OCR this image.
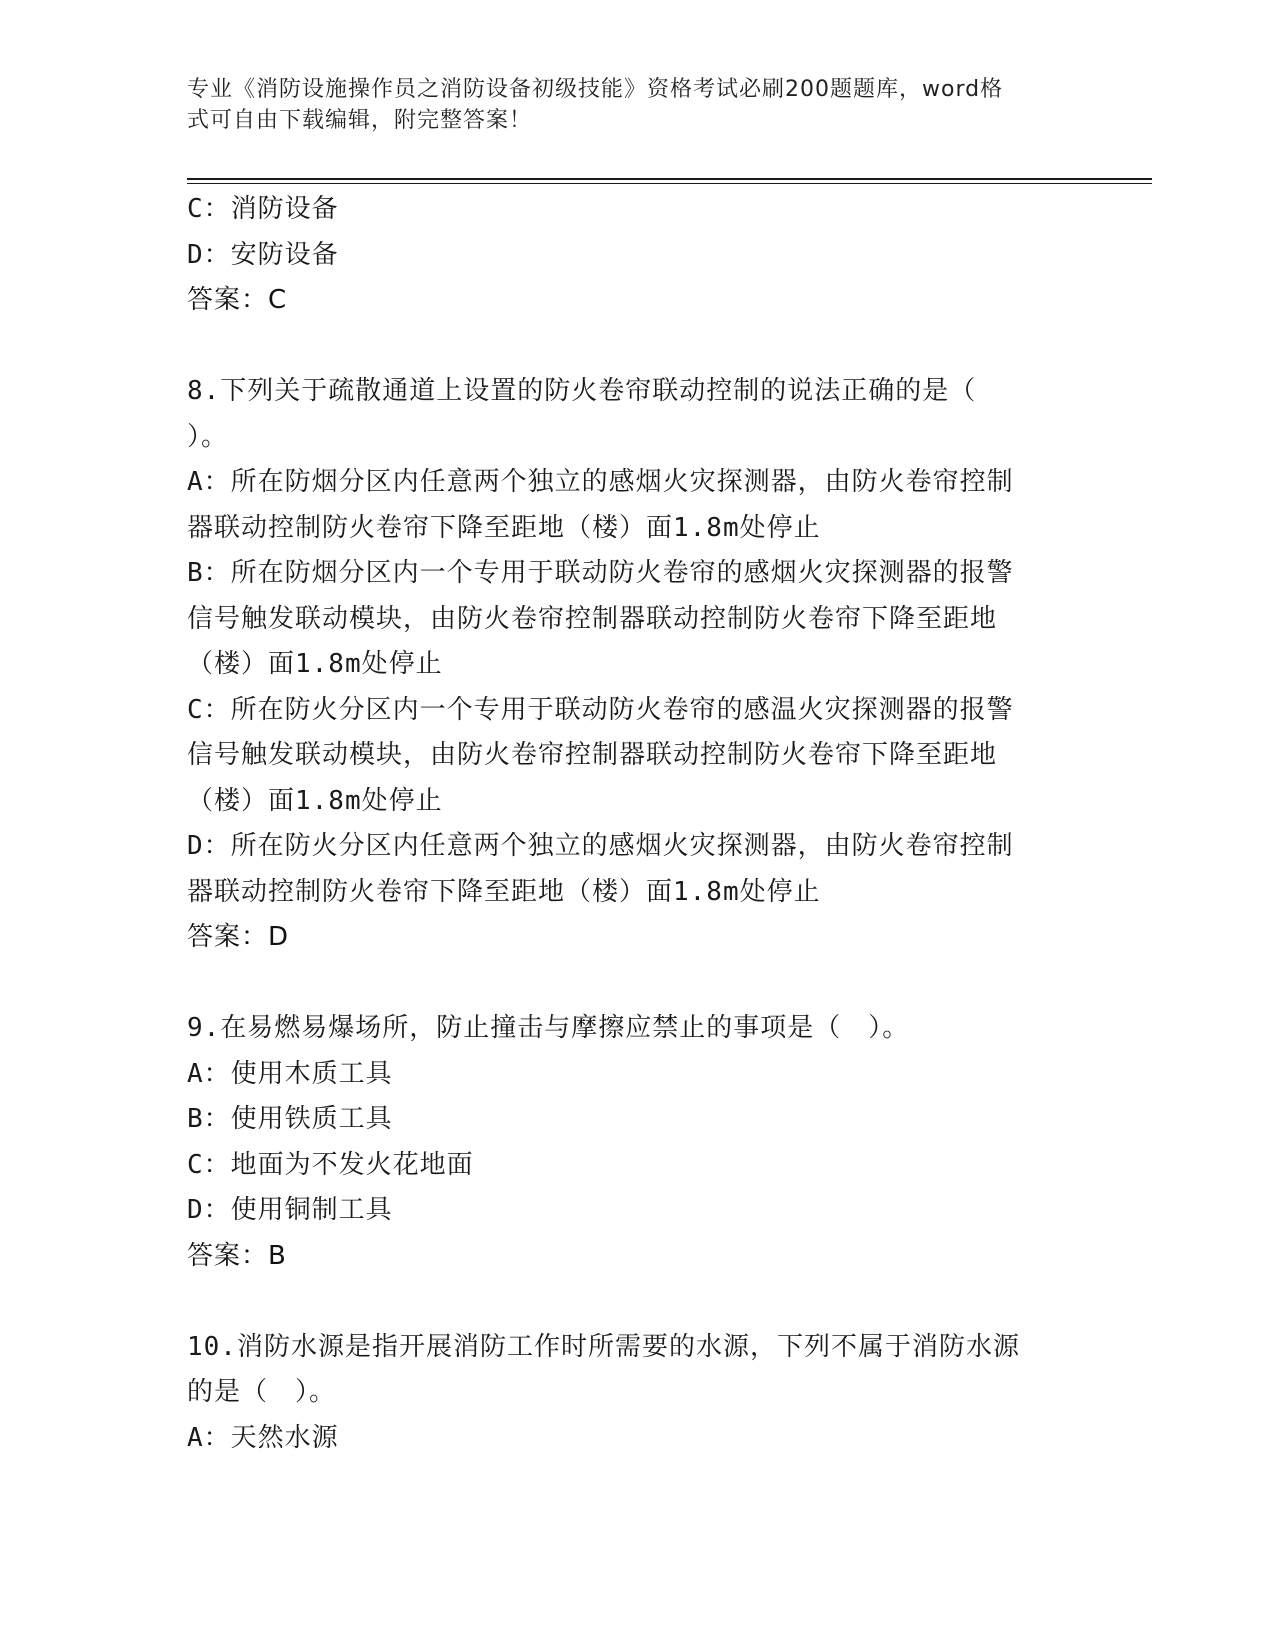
专业《消防设施操作员之消防设备初级技能》资格考试必刷200题题库，word格
式可自由下载编辑，附完整答案！
C：消防设备
D：安防设备
答案：C
8.下列关于疏散通道上设置的防火卷帘联动控制的说法正确的是（
）。
A：所在防烟分区内任意两个独立的感烟火灾探测器，由防火卷帘控制
器联动控制防火卷帘下降至距地（楼）面1.8m处停止
B：所在防烟分区内一个专用于联动防火卷帘的感烟火灾探测器的报警
信号触发联动模块，由防火卷帘控制器联动控制防火卷帘下降至距地
（楼）面1.8m处停止
C：所在防火分区内一个专用于联动防火卷帘的感温火灾探测器的报警
信号触发联动模块，由防火卷帘控制器联动控制防火卷帘下降至距地
（楼）面1.8m处停止
D：所在防火分区内任意两个独立的感烟火灾探测器，由防火卷帘控制
器联动控制防火卷帘下降至距地（楼）面1.8m处停止
答案：D
9.在易燃易爆场所，防止撞击与摩擦应禁止的事项是（　）。
A：使用木质工具
B：使用铁质工具
C：地面为不发火花地面
D：使用铜制工具
答案：B
10.消防水源是指开展消防工作时所需要的水源，下列不属于消防水源
的是（　）。
A：天然水源
